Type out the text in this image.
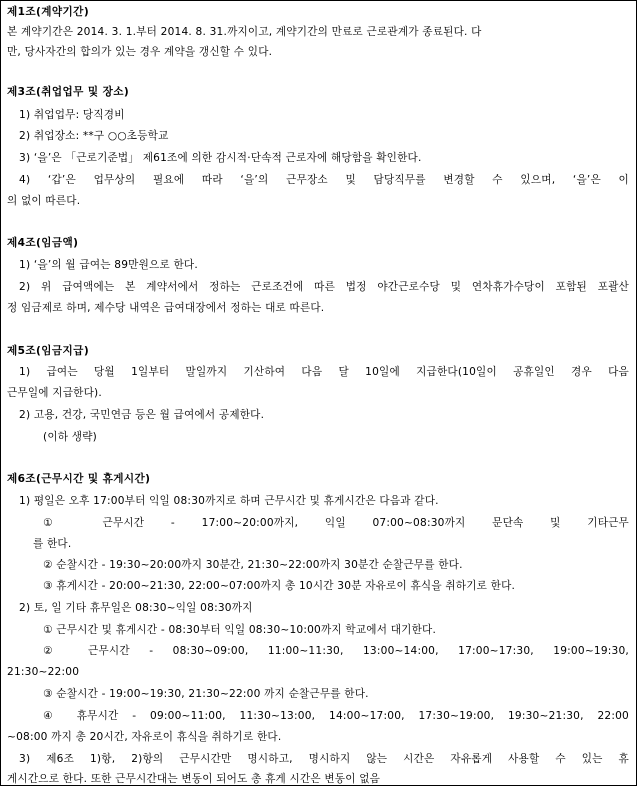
제1조(계약기간)
본 계약기간은 2014. 3. 1.부터 2014. 8. 31.까지이고, 계약기간의 만료로 근로관계가 종료된다. 다
만, 당사자간의 합의가 있는 경우 계약을 갱신할 수 있다.
제3조(취업업무 및 장소)
1) 취업업무: 당직경비
2) 취업장소: **구 ○○초등학교
3) ‘을’은 「근로기준법」 제61조에 의한 감시적·단속적 근로자에 해당함을 확인한다.
4) ‘갑’은 업무상의 필요에 따라 ‘을’의 근무장소 및 담당직무를 변경할 수 있으며, ‘을’은 이
의 없이 따른다.
제4조(임금액)
1) ‘을’의 월 급여는 89만원으로 한다.
2) 위 급여액에는 본 계약서에서 정하는 근로조건에 따른 법정 야간근로수당 및 연차휴가수당이 포함된 포괄산
정 임금제로 하며, 제수당 내역은 급여대장에서 정하는 대로 따른다.
제5조(임금지급)
1) 급여는 당월 1일부터 말일까지 기산하여 다음 달 10일에 지급한다(10일이 공휴일인 경우 다음
근무일에 지급한다).
2) 고용, 건강, 국민연금 등은 월 급여에서 공제한다.
(이하 생략)
제6조(근무시간 및 휴게시간)
1) 평일은 오후 17:00부터 익일 08:30까지로 하며 근무시간 및 휴게시간은 다음과 같다.
① 근무시간 - 17:00~20:00까지, 익일 07:00~08:30까지 문단속 및 기타근무
를 한다.
② 순찰시간 - 19:30~20:00까지 30분간, 21:30~22:00까지 30분간 순찰근무를 한다.
③ 휴게시간 - 20:00~21:30, 22:00~07:00까지 총 10시간 30분 자유로이 휴식을 취하기로 한다.
2) 토, 일 기타 휴무일은 08:30~익일 08:30까지
① 근무시간 및 휴게시간 - 08:30부터 익일 08:30~10:00까지 학교에서 대기한다.
② 근무시간 - 08:30~09:00, 11:00~11:30, 13:00~14:00, 17:00~17:30, 19:00~19:30,
21:30~22:00
③ 순찰시간 - 19:00~19:30, 21:30~22:00 까지 순찰근무를 한다.
④ 휴무시간 - 09:00~11:00, 11:30~13:00, 14:00~17:00, 17:30~19:00, 19:30~21:30, 22:00
~08:00 까지 총 20시간, 자유로이 휴식을 취하기로 한다.
3) 제6조 1)항, 2)항의 근무시간만 명시하고, 명시하지 않는 시간은 자유롭게 사용할 수 있는 휴
게시간으로 한다. 또한 근무시간대는 변동이 되어도 총 휴게 시간은 변동이 없음
